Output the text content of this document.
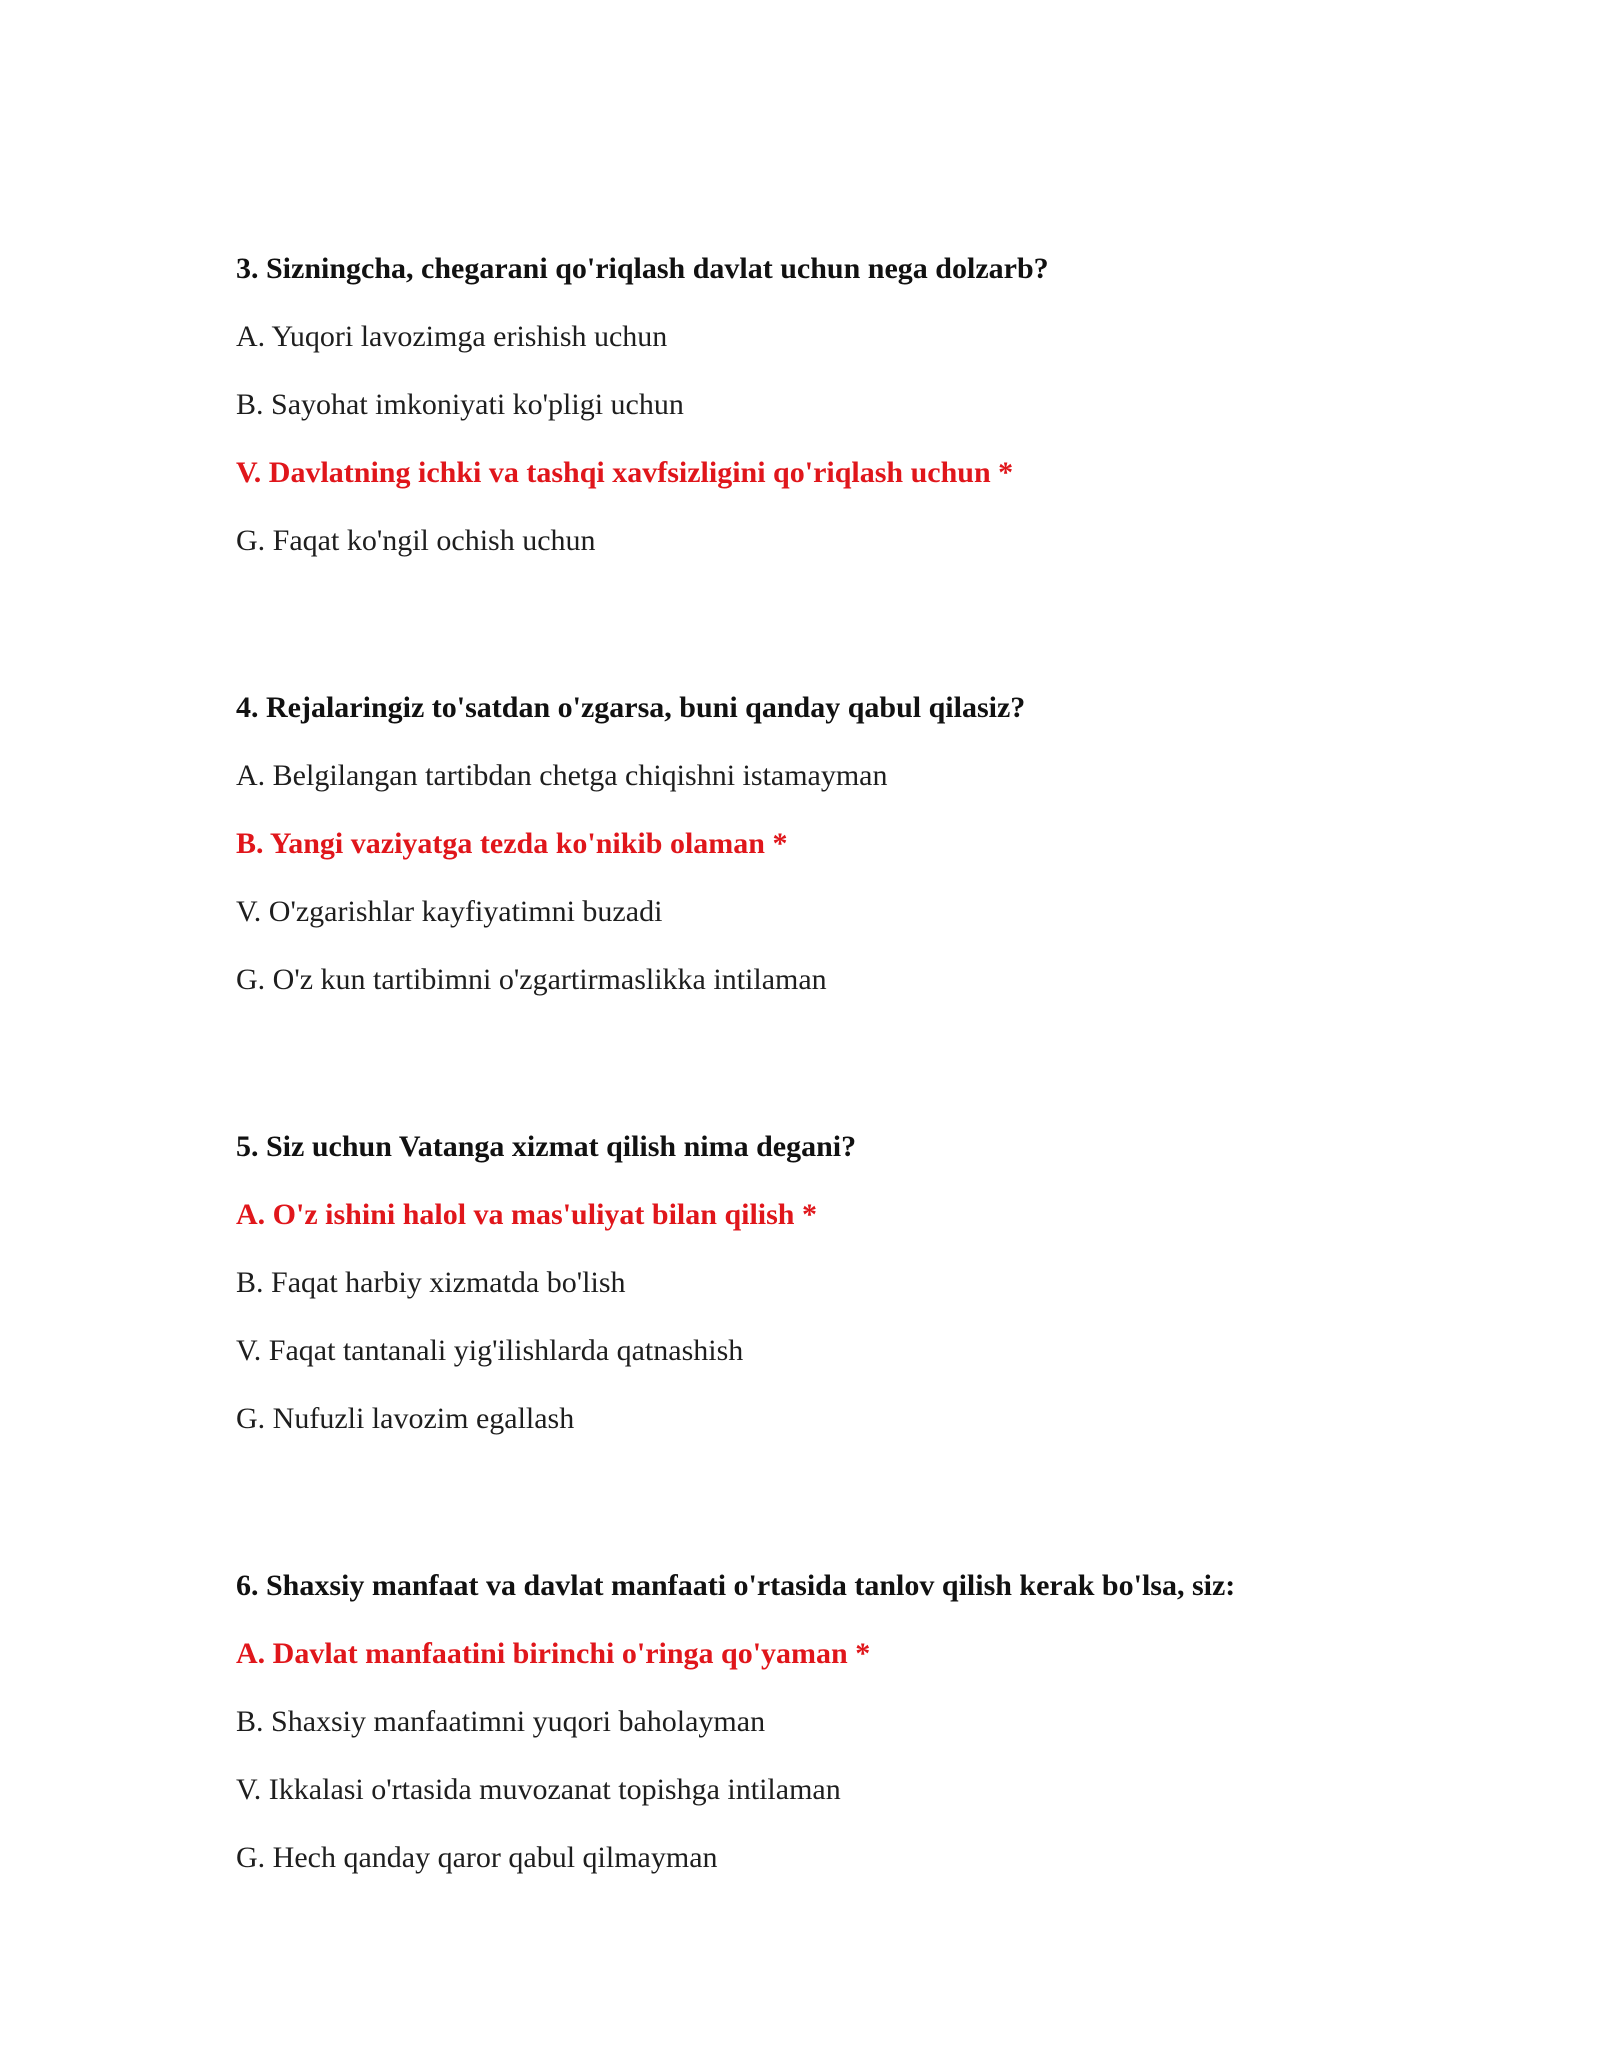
3. Sizningcha, chegarani qo'riqlash davlat uchun nega dolzarb?

A. Yuqori lavozimga erishish uchun

B. Sayohat imkoniyati ko'pligi uchun

V. Davlatning ichki va tashqi xavfsizligini qo'riqlash uchun *

G. Faqat ko'ngil ochish uchun

4. Rejalaringiz to'satdan o'zgarsa, buni qanday qabul qilasiz?

A. Belgilangan tartibdan chetga chiqishni istamayman

B. Yangi vaziyatga tezda ko'nikib olaman *

V. O'zgarishlar kayfiyatimni buzadi

G. O'z kun tartibimni o'zgartirmaslikka intilaman

5. Siz uchun Vatanga xizmat qilish nima degani?

A. O'z ishini halol va mas'uliyat bilan qilish *

B. Faqat harbiy xizmatda bo'lish

V. Faqat tantanali yig'ilishlarda qatnashish

G. Nufuzli lavozim egallash

6. Shaxsiy manfaat va davlat manfaati o'rtasida tanlov qilish kerak bo'lsa, siz:

A. Davlat manfaatini birinchi o'ringa qo'yaman *

B. Shaxsiy manfaatimni yuqori baholayman

V. Ikkalasi o'rtasida muvozanat topishga intilaman

G. Hech qanday qaror qabul qilmayman
